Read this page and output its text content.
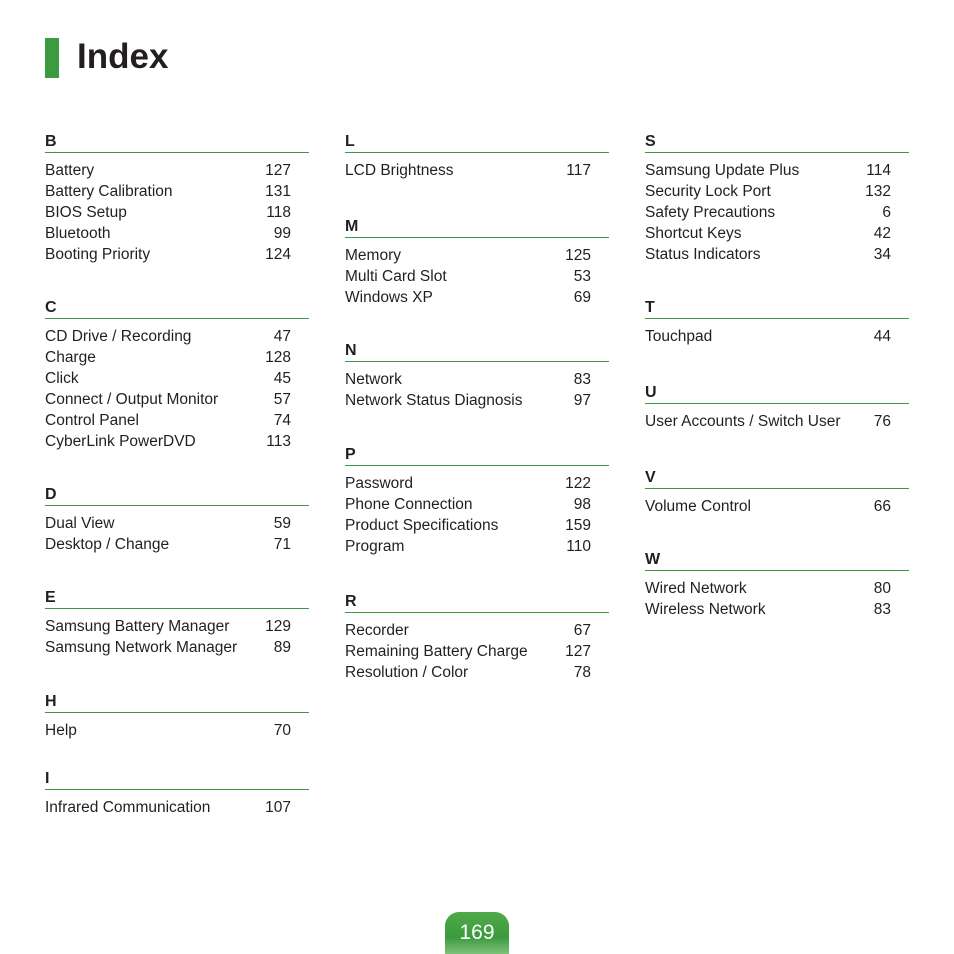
Index
B
Battery	127
Battery Calibration	131
BIOS Setup	118
Bluetooth	99
Booting Priority	124
C
CD Drive / Recording	47
Charge	128
Click	45
Connect / Output Monitor	57
Control Panel	74
CyberLink PowerDVD	113
D
Dual View	59
Desktop / Change	71
E
Samsung Battery Manager 129
Samsung Network Manager 89
H
Help	70
I
Infrared Communication	107
L
LCD Brightness	117
M
Memory	125
Multi Card Slot	53
Windows XP	69
N
Network	83
Network Status Diagnosis	97
P
Password	122
Phone Connection	98
Product Specifications	159
Program	110
R
Recorder	67
Remaining Battery Charge 127
Resolution / Color	78
S
Samsung Update Plus	114
Security Lock Port	132
Safety Precautions	6
Shortcut Keys	42
Status Indicators	34
T
Touchpad	44
U
User Accounts / Switch User 76
V
Volume Control	66
W
Wired Network	80
Wireless Network	83
169
